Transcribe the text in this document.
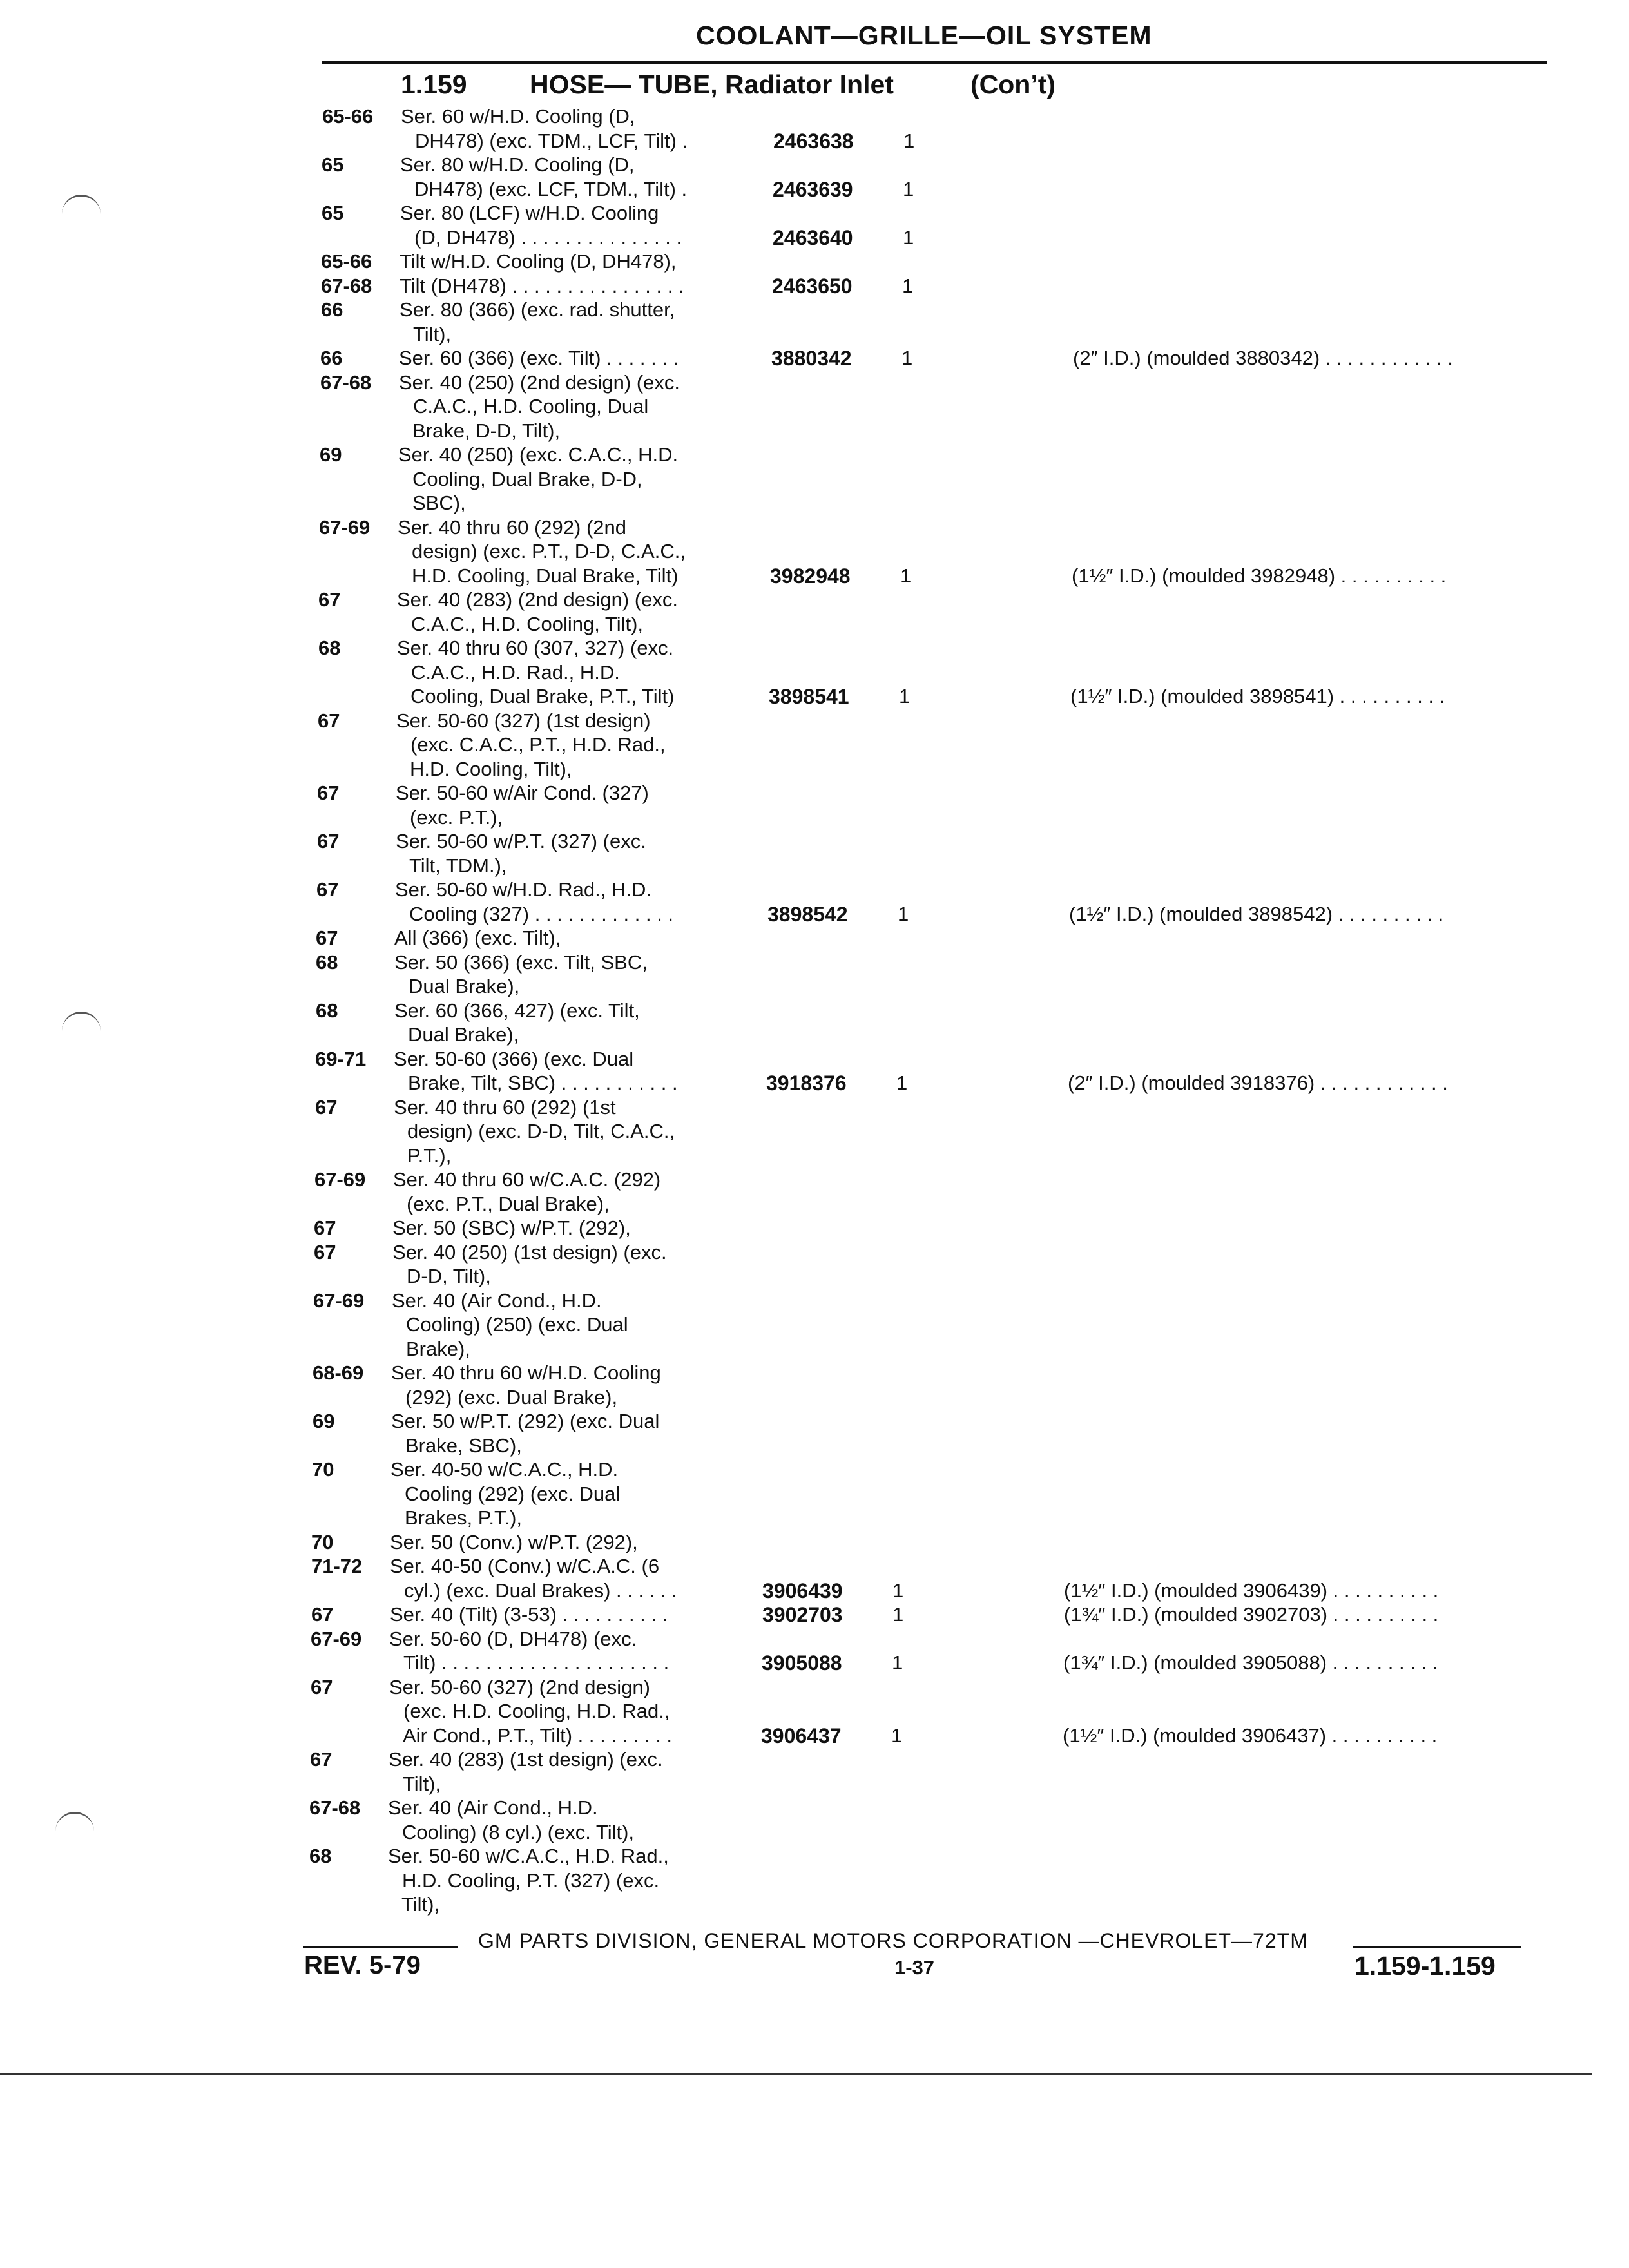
COOLANT—GRILLE—OIL SYSTEM
1.159 HOSE— TUBE, Radiator Inlet	(Con’t)
65-66 Ser. 60 w/H.D. Cooling (D,
DH478) (exc. TDM., LCF, Tilt) .	2463638 1
65	Ser. 80 w/H.D. Cooling (D,
DH478) (exc. LCF, TDM., Tilt) .	2463639 1
65	Ser. 80 (LCF) w/H.D. Cooling
(D, DH478) . . . . . . . . . . . . . . .	2463640 1
65-66 Tilt w/H.D. Cooling (D, DH478),
67-68 Tilt (DH478) . . . . . . . . . . . . . . . .	2463650 1
66	Ser. 80 (366) (exc. rad. shutter,
Tilt),
66	Ser. 60 (366) (exc. Tilt) . . . . . . .	3880342 1	(2″ I.D.) (moulded 3880342) . . . . . . . . . . . .
67-68 Ser. 40 (250) (2nd design) (exc.
C.A.C., H.D. Cooling, Dual
Brake, D-D, Tilt),
69	Ser. 40 (250) (exc. C.A.C., H.D.
Cooling, Dual Brake, D-D,
SBC),
67-69 Ser. 40 thru 60 (292) (2nd
design) (exc. P.T., D-D, C.A.C.,
H.D. Cooling, Dual Brake, Tilt)	3982948 1	(1½″ I.D.) (moulded 3982948) . . . . . . . . . .
67	Ser. 40 (283) (2nd design) (exc.
C.A.C., H.D. Cooling, Tilt),
68	Ser. 40 thru 60 (307, 327) (exc.
C.A.C., H.D. Rad., H.D.
Cooling, Dual Brake, P.T., Tilt)	3898541 1	(1½″ I.D.) (moulded 3898541) . . . . . . . . . .
67	Ser. 50-60 (327) (1st design)
(exc. C.A.C., P.T., H.D. Rad.,
H.D. Cooling, Tilt),
67	Ser. 50-60 w/Air Cond. (327)
(exc. P.T.),
67	Ser. 50-60 w/P.T. (327) (exc.
Tilt, TDM.),
67	Ser. 50-60 w/H.D. Rad., H.D.
Cooling (327) . . . . . . . . . . . . .	3898542 1	(1½″ I.D.) (moulded 3898542) . . . . . . . . . .
67	All (366) (exc. Tilt),
68	Ser. 50 (366) (exc. Tilt, SBC,
Dual Brake),
68	Ser. 60 (366, 427) (exc. Tilt,
Dual Brake),
69-71 Ser. 50-60 (366) (exc. Dual
Brake, Tilt, SBC) . . . . . . . . . . .	3918376 1	(2″ I.D.) (moulded 3918376) . . . . . . . . . . . .
67	Ser. 40 thru 60 (292) (1st
design) (exc. D-D, Tilt, C.A.C.,
P.T.),
67-69 Ser. 40 thru 60 w/C.A.C. (292)
(exc. P.T., Dual Brake),
67	Ser. 50 (SBC) w/P.T. (292),
67	Ser. 40 (250) (1st design) (exc.
D-D, Tilt),
67-69 Ser. 40 (Air Cond., H.D.
Cooling) (250) (exc. Dual
Brake),
68-69 Ser. 40 thru 60 w/H.D. Cooling
(292) (exc. Dual Brake),
69	Ser. 50 w/P.T. (292) (exc. Dual
Brake, SBC),
70	Ser. 40-50 w/C.A.C., H.D.
Cooling (292) (exc. Dual
Brakes, P.T.),
70	Ser. 50 (Conv.) w/P.T. (292),
71-72 Ser. 40-50 (Conv.) w/C.A.C. (6
cyl.) (exc. Dual Brakes) . . . . . .	3906439 1	(1½″ I.D.) (moulded 3906439) . . . . . . . . . .
67	Ser. 40 (Tilt) (3-53) . . . . . . . . . .	3902703 1	(1¾″ I.D.) (moulded 3902703) . . . . . . . . . .
67-69 Ser. 50-60 (D, DH478) (exc.
Tilt) . . . . . . . . . . . . . . . . . . . . .	3905088 1	(1¾″ I.D.) (moulded 3905088) . . . . . . . . . .
67	Ser. 50-60 (327) (2nd design)
(exc. H.D. Cooling, H.D. Rad.,
Air Cond., P.T., Tilt) . . . . . . . . .	3906437 1	(1½″ I.D.) (moulded 3906437) . . . . . . . . . .
67	Ser. 40 (283) (1st design) (exc.
Tilt),
67-68 Ser. 40 (Air Cond., H.D.
Cooling) (8 cyl.) (exc. Tilt),
68	Ser. 50-60 w/C.A.C., H.D. Rad.,
H.D. Cooling, P.T. (327) (exc.
Tilt),
GM PARTS DIVISION, GENERAL MOTORS CORPORATION —CHEVROLET—72TM
REV. 5-79	1-37	1.159-1.159
